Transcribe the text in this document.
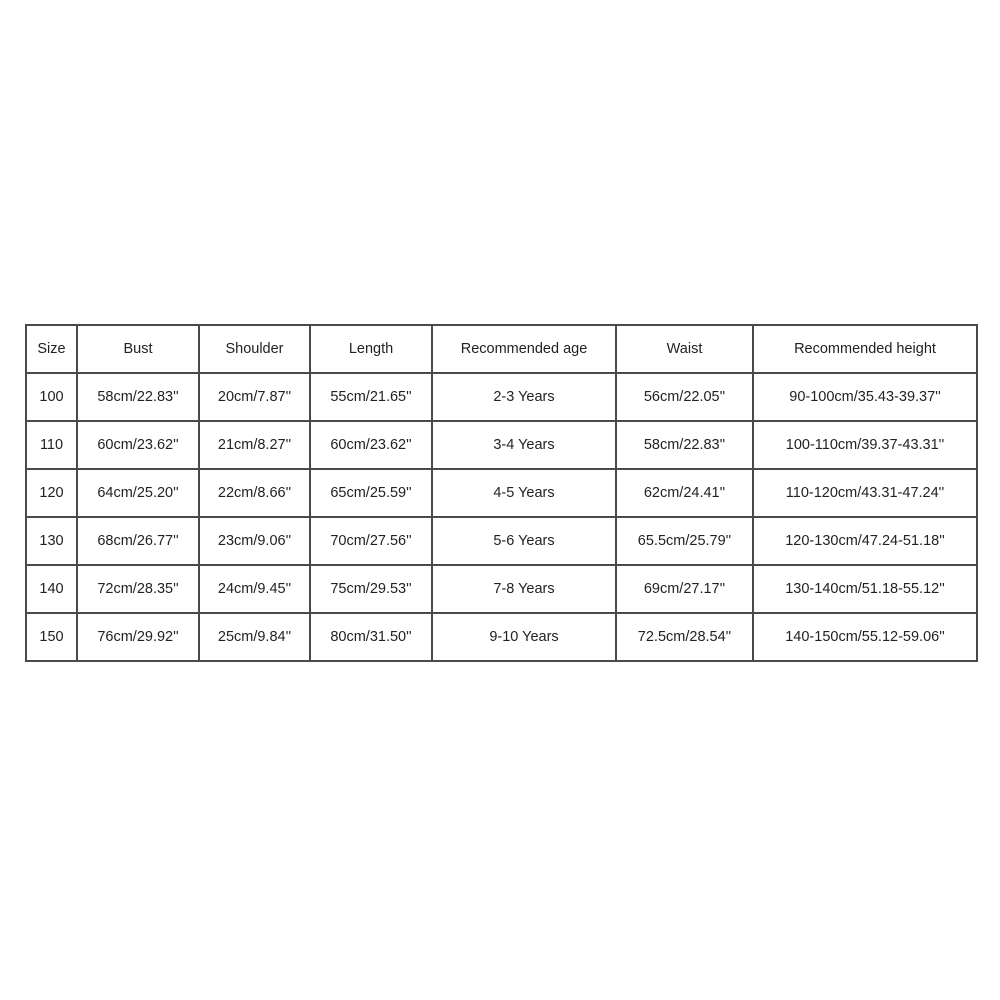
Size	Bust	Shoulder	Length	Recommended age	Waist	Recommended height
100	58cm/22.83''	20cm/7.87''	55cm/21.65''	2-3 Years	56cm/22.05''	90-100cm/35.43-39.37''
110	60cm/23.62''	21cm/8.27''	60cm/23.62''	3-4 Years	58cm/22.83''	100-110cm/39.37-43.31''
120	64cm/25.20''	22cm/8.66''	65cm/25.59''	4-5 Years	62cm/24.41''	110-120cm/43.31-47.24''
130	68cm/26.77''	23cm/9.06''	70cm/27.56''	5-6 Years	65.5cm/25.79''	120-130cm/47.24-51.18''
140	72cm/28.35''	24cm/9.45''	75cm/29.53''	7-8 Years	69cm/27.17''	130-140cm/51.18-55.12''
150	76cm/29.92''	25cm/9.84''	80cm/31.50''	9-10 Years	72.5cm/28.54''	140-150cm/55.12-59.06''
